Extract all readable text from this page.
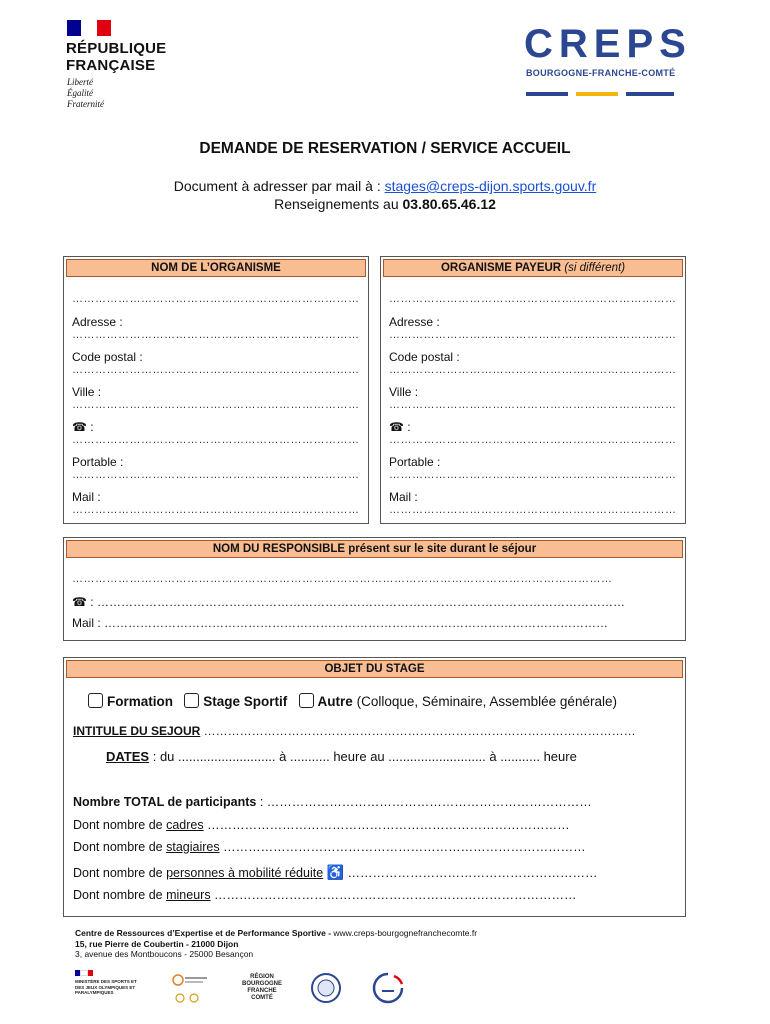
RÉPUBLIQUE
FRANÇAISE
Liberté
Égalité
Fraternité
CREPS
BOURGOGNE-FRANCHE-COMTÉ
DEMANDE DE RESERVATION / SERVICE ACCUEIL
Document à adresser par mail à : stages@creps-dijon.sports.gouv.fr
Renseignements au 03.80.65.46.12
NOM DE L’ORGANISME
…………………………………………………………………
Adresse :
…………………………………………………………………
Code postal :
…………………………………………………………………
Ville :
…………………………………………………………………
☎ :
…………………………………………………………………
Portable :
…………………………………………………………………
Mail :
…………………………………………………………………
ORGANISME PAYEUR (si différent)
…………………………………………………………………
Adresse :
…………………………………………………………………
Code postal :
…………………………………………………………………
Ville :
…………………………………………………………………
☎ :
…………………………………………………………………
Portable :
…………………………………………………………………
Mail :
…………………………………………………………………
NOM DU RESPONSIBLE présent sur le site durant le séjour
……………………………………………………………………………………………………………………………
☎ : ……………………………………………………………………………………………………………………
Mail : ………………………………………………………………………………………………………………
OBJET DU STAGE
Formation Stage Sportif Autre (Colloque, Séminaire, Assemblée générale)
INTITULE DU SEJOUR ………………………………………………………………………………………………
DATES : du ........................... à ........... heure au ........................... à ........... heure
Nombre TOTAL de participants : ……………………………………………………………………
Dont nombre de cadres ……………………………………………………………………………
Dont nombre de stagiaires ……………………………………………………………………………
Dont nombre de personnes à mobilité réduite ♿ ……………………………………………………
Dont nombre de mineurs ……………………………………………………………………………
Centre de Ressources d’Expertise et de Performance Sportive - www.creps-bourgognefranchecomte.fr
15, rue Pierre de Coubertin - 21000 Dijon
3, avenue des Montboucons - 25000 Besançon
MINISTÈRE DES SPORTS ET DES JEUX OLYMPIQUES ET PARALYMPIQUES
RÉGION
BOURGOGNE
FRANCHE
COMTÉ
